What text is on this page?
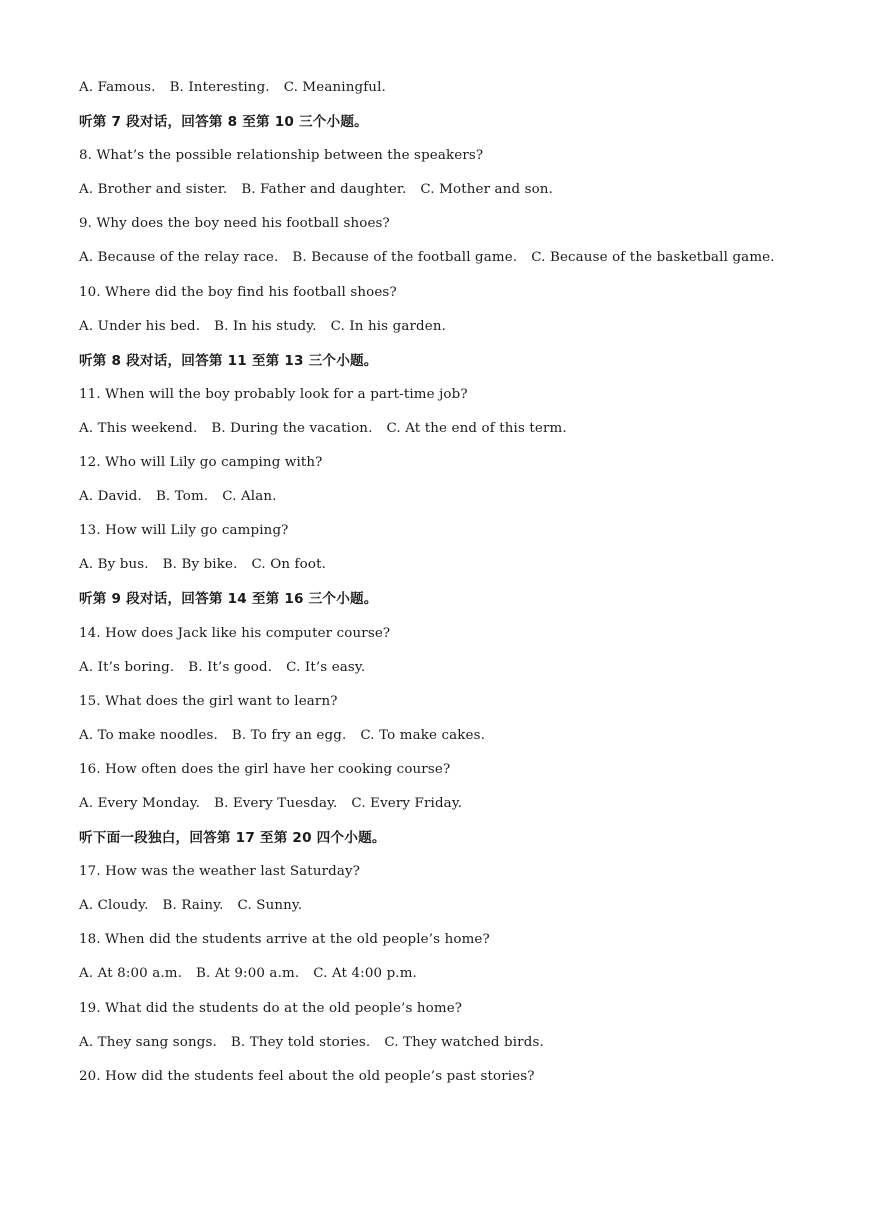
A. Famous. B. Interesting. C. Meaningful.
听第 7 段对话，回答第 8 至第 10 三个小题。
8. What’s the possible relationship between the speakers?
A. Brother and sister. B. Father and daughter. C. Mother and son.
9. Why does the boy need his football shoes?
A. Because of the relay race. B. Because of the football game. C. Because of the basketball game.
10. Where did the boy find his football shoes?
A. Under his bed. B. In his study. C. In his garden.
听第 8 段对话，回答第 11 至第 13 三个小题。
11. When will the boy probably look for a part-time job?
A. This weekend. B. During the vacation. C. At the end of this term.
12. Who will Lily go camping with?
A. David. B. Tom. C. Alan.
13. How will Lily go camping?
A. By bus. B. By bike. C. On foot.
听第 9 段对话，回答第 14 至第 16 三个小题。
14. How does Jack like his computer course?
A. It’s boring. B. It’s good. C. It’s easy.
15. What does the girl want to learn?
A. To make noodles. B. To fry an egg. C. To make cakes.
16. How often does the girl have her cooking course?
A. Every Monday. B. Every Tuesday. C. Every Friday.
听下面一段独白，回答第 17 至第 20 四个小题。
17. How was the weather last Saturday?
A. Cloudy. B. Rainy. C. Sunny.
18. When did the students arrive at the old people’s home?
A. At 8:00 a.m. B. At 9:00 a.m. C. At 4:00 p.m.
19. What did the students do at the old people’s home?
A. They sang songs. B. They told stories. C. They watched birds.
20. How did the students feel about the old people’s past stories?
